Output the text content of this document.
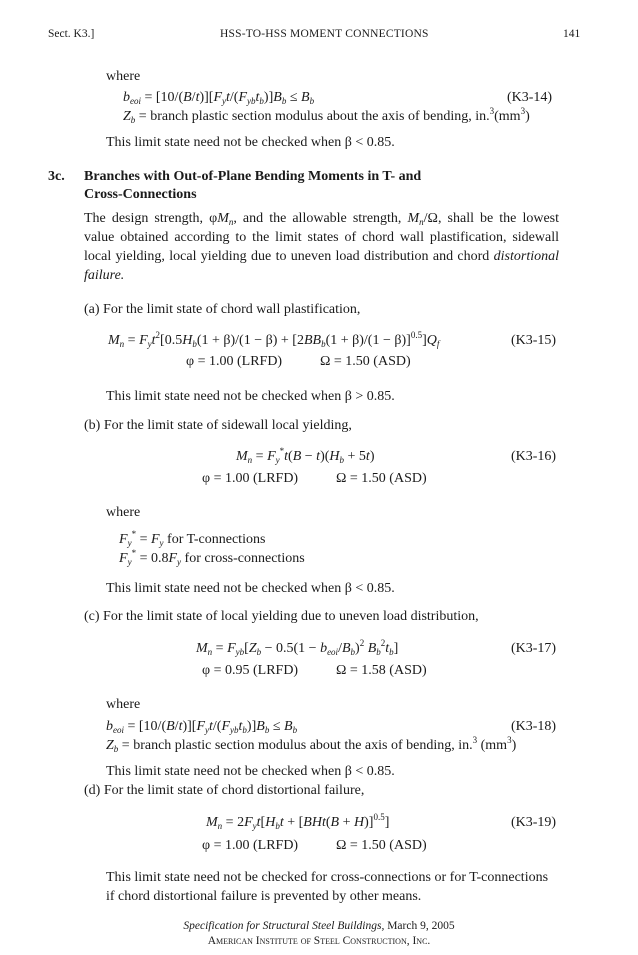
Sect. K3.]	HSS-TO-HSS MOMENT CONNECTIONS	141
where
$b_{eoi} = [10/(B/t)][F_yt/(F_{yb}t_b)]B_b \le B_b$	(K3-14)
$Z_b$ = branch plastic section modulus about the axis of bending, $in.^3(mm^3)$
This limit state need not be checked when β < 0.85.
3c. Branches with Out-of-Plane Bending Moments in T- and
Cross-Connections
The design strength, $\varphi M_n$, and the allowable strength, $M_n/\Omega$, shall be the lowest value obtained according to the limit states of chord wall plastification, sidewall local yielding, local yielding due to uneven load distribution and chord distortional failure.
(a) For the limit state of chord wall plastification,
$M_n = F_yt^2[0.5H_b(1 + \beta)/(1 - \beta) + [2BB_b(1 + \beta)/(1 - \beta)]^{0.5}]Q_f$	(K3-15)
φ = 1.00 (LRFD)	Ω = 1.50 (ASD)
This limit state need not be checked when β > 0.85.
(b) For the limit state of sidewall local yielding,
$M_n = F_y^*t(B - t)(H_b + 5t)$	(K3-16)
φ = 1.00 (LRFD)	Ω = 1.50 (ASD)
where
$F_y^* = F_y$ for T-connections
$F_y^* = 0.8F_y$ for cross-connections
This limit state need not be checked when β < 0.85.
(c) For the limit state of local yielding due to uneven load distribution,
$M_n = F_{yb}[Z_b - 0.5(1 - b_{eoi}/B_b)^2$ $B_b^2t_b$]	(K3-17)
φ = 0.95 (LRFD)	Ω = 1.58 (ASD)
where
$b_{eoi} = [10/(B/t)][F_yt/(F_{yb}t_b)]B_b \le B_b$	(K3-18)
$Z_b$ = branch plastic section modulus about the axis of bending, in.$^3$ $(mm^3)$
This limit state need not be checked when β < 0.85.
(d) For the limit state of chord distortional failure,
$M_n = 2F_yt[H_bt + [BHt(B + H)]^{0.5}]$	(K3-19)
φ = 1.00 (LRFD)	Ω = 1.50 (ASD)
This limit state need not be checked for cross-connections or for T-connections
if chord distortional failure is prevented by other means.
Specification for Structural Steel Buildings, March 9, 2005
American Institute of Steel Construction, Inc.
